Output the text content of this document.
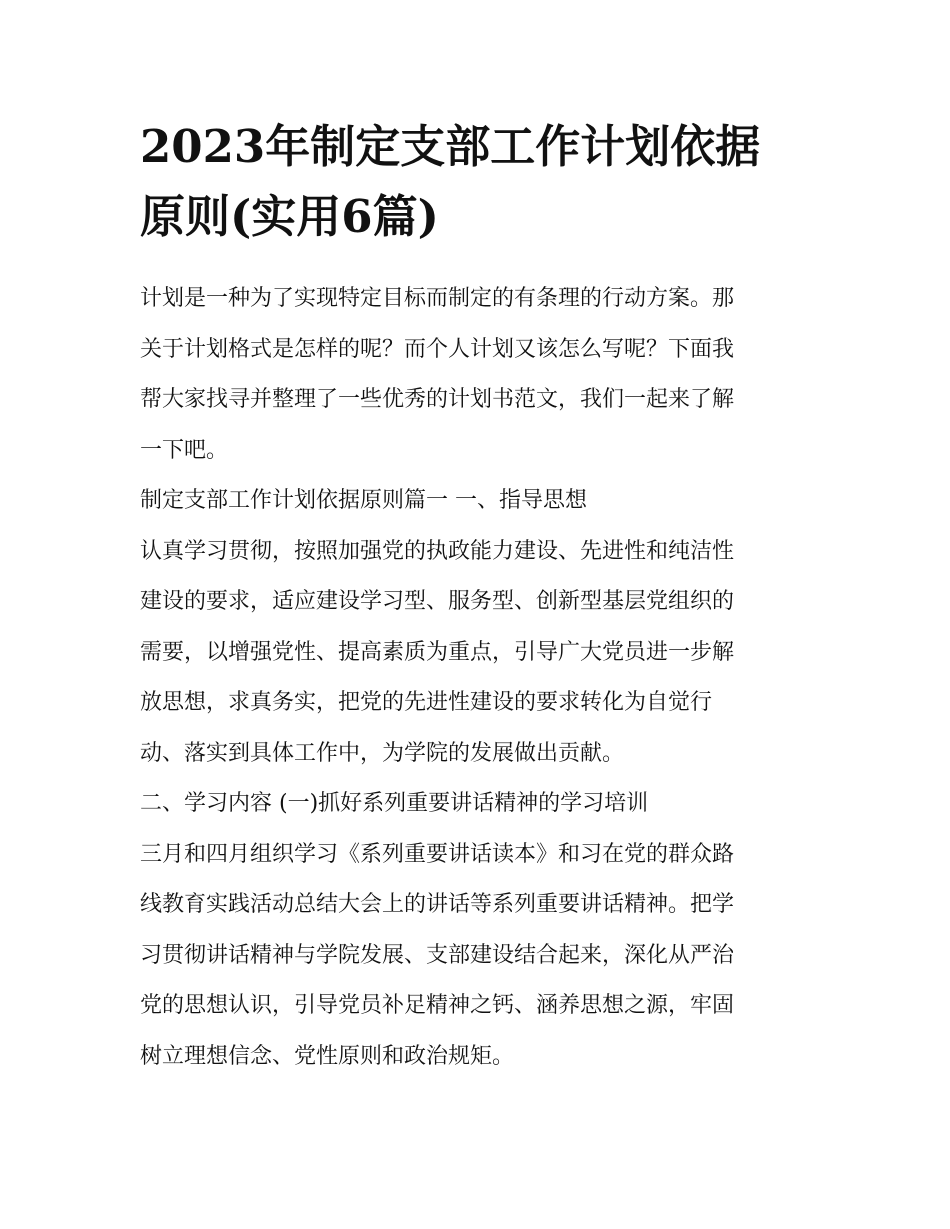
2023年制定支部工作计划依据
原则(实用6篇)
计划是一种为了实现特定目标而制定的有条理的行动方案。那
关于计划格式是怎样的呢？而个人计划又该怎么写呢？下面我
帮大家找寻并整理了一些优秀的计划书范文，我们一起来了解
一下吧。
制定支部工作计划依据原则篇一 一、指导思想
认真学习贯彻，按照加强党的执政能力建设、先进性和纯洁性
建设的要求，适应建设学习型、服务型、创新型基层党组织的
需要，以增强党性、提高素质为重点，引导广大党员进一步解
放思想，求真务实，把党的先进性建设的要求转化为自觉行
动、落实到具体工作中，为学院的发展做出贡献。
二、学习内容 (一)抓好系列重要讲话精神的学习培训
三月和四月组织学习《系列重要讲话读本》和习在党的群众路
线教育实践活动总结大会上的讲话等系列重要讲话精神。把学
习贯彻讲话精神与学院发展、支部建设结合起来，深化从严治
党的思想认识，引导党员补足精神之钙、涵养思想之源，牢固
树立理想信念、党性原则和政治规矩。
